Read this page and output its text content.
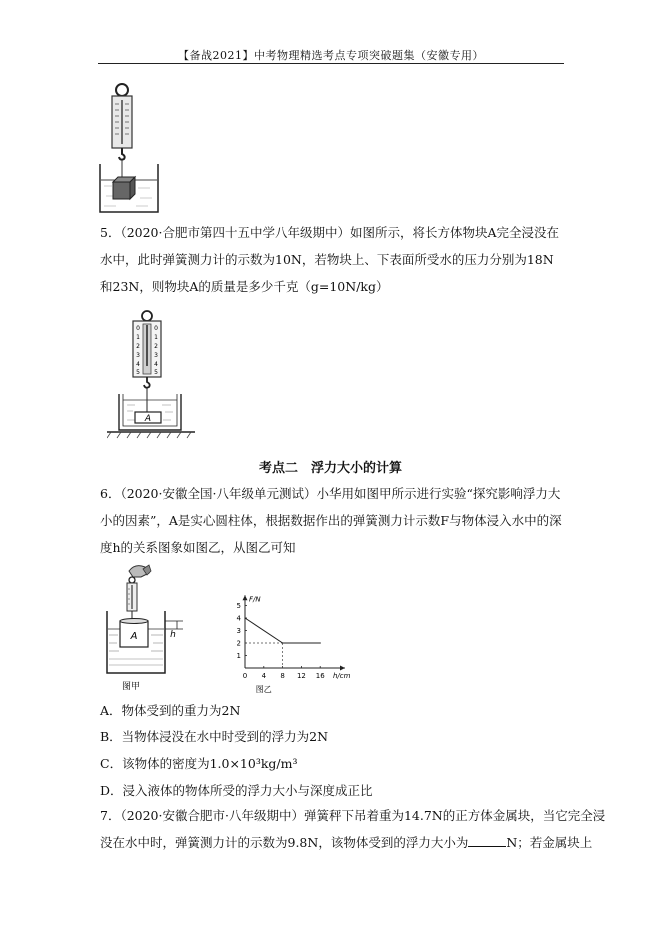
【备战2021】中考物理精选考点专项突破题集（安徽专用）
5．（2020·合肥市第四十五中学八年级期中）如图所示，将长方体物块A完全浸没在水中，此时弹簧测力计的示数为10N，若物块上、下表面所受水的压力分别为18N和23N，则物块A的质量是多少千克（g=10N/kg）
0
1
2
3
4
5
0
1
2
3
4
5
A
考点二　浮力大小的计算
6．（2020·安徽全国·八年级单元测试）小华用如图甲所示进行实验“探究影响浮力大小的因素”，A是实心圆柱体，根据数据作出的弹簧测力计示数F与物体浸入水中的深度h的关系图象如图乙，从图乙可知
A	h
图甲
F/N
h/cm
0 4 8 12 16
1
2
3
4
5
图乙
A．物体受到的重力为2N
B．当物体浸没在水中时受到的浮力为2N
C．该物体的密度为1.0×10³kg/m³
D．浸入液体的物体所受的浮力大小与深度成正比
7．（2020·安徽合肥市·八年级期中）弹簧秤下吊着重为14.7N的正方体金属块，当它完全浸
没在水中时，弹簧测力计的示数为9.8N，该物体受到的浮力大小为	N；若金属块上
